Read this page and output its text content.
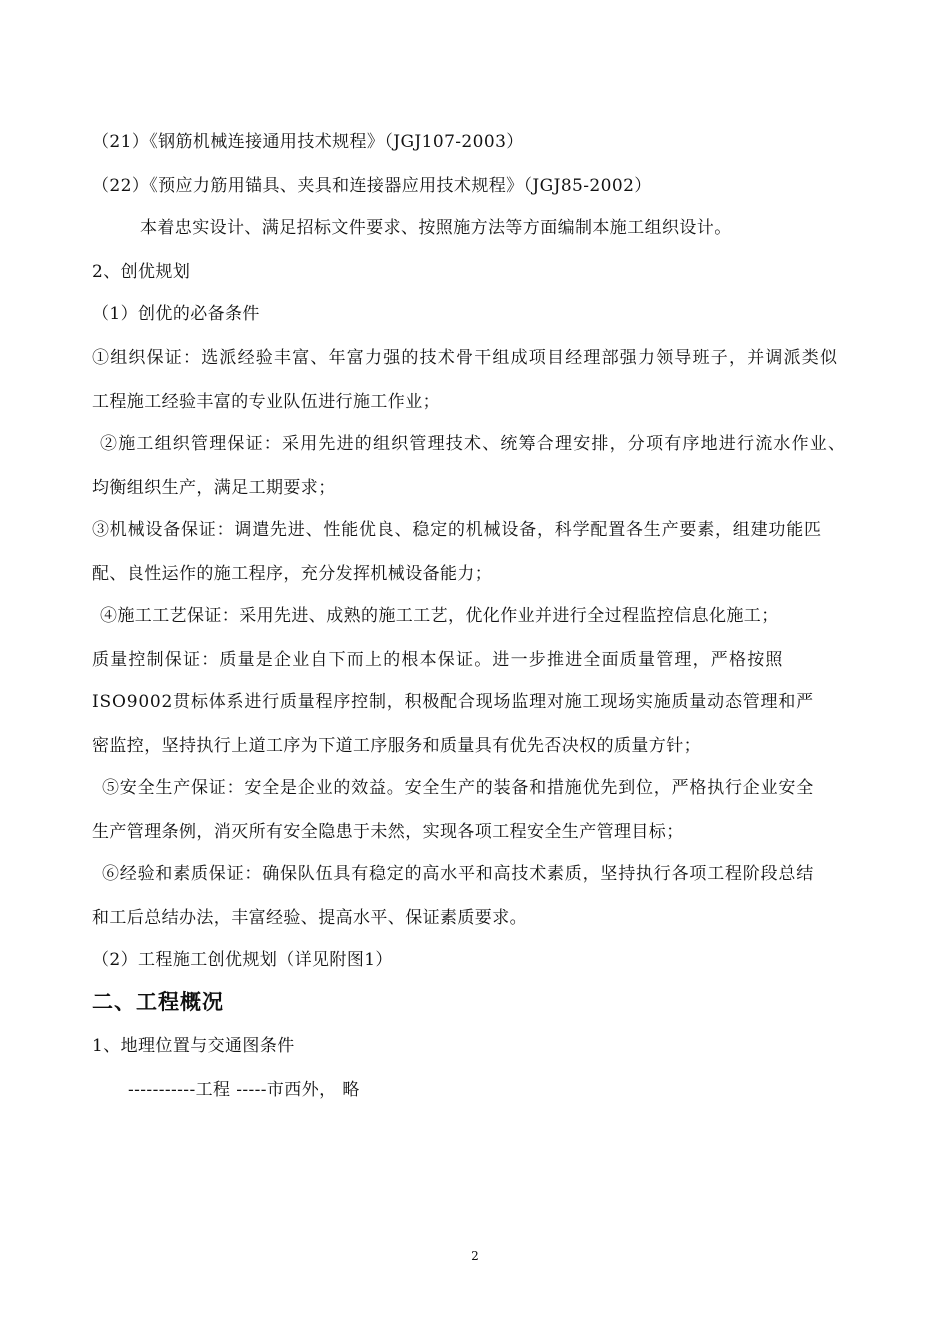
（21）《钢筋机械连接通用技术规程》（JGJ107-2003）
（22）《预应力筋用锚具、夹具和连接器应用技术规程》（JGJ85-2002）
本着忠实设计、满足招标文件要求、按照施方法等方面编制本施工组织设计。
2、创优规划
（1）创优的必备条件
①组织保证：选派经验丰富、年富力强的技术骨干组成项目经理部强力领导班子，并调派类似
工程施工经验丰富的专业队伍进行施工作业；
②施工组织管理保证：采用先进的组织管理技术、统筹合理安排，分项有序地进行流水作业、
均衡组织生产，满足工期要求；
③机械设备保证：调遣先进、性能优良、稳定的机械设备，科学配置各生产要素，组建功能匹
配、良性运作的施工程序，充分发挥机械设备能力；
④施工工艺保证：采用先进、成熟的施工工艺，优化作业并进行全过程监控信息化施工；
质量控制保证：质量是企业自下而上的根本保证。进一步推进全面质量管理，严格按照
ISO9002贯标体系进行质量程序控制，积极配合现场监理对施工现场实施质量动态管理和严
密监控，坚持执行上道工序为下道工序服务和质量具有优先否决权的质量方针；
⑤安全生产保证：安全是企业的效益。安全生产的装备和措施优先到位，严格执行企业安全
生产管理条例，消灭所有安全隐患于未然，实现各项工程安全生产管理目标；
⑥经验和素质保证：确保队伍具有稳定的高水平和高技术素质，坚持执行各项工程阶段总结
和工后总结办法，丰富经验、提高水平、保证素质要求。
（2）工程施工创优规划（详见附图1）
二、工程概况
1、地理位置与交通图条件
-----------工程 -----市西外， 略
2
